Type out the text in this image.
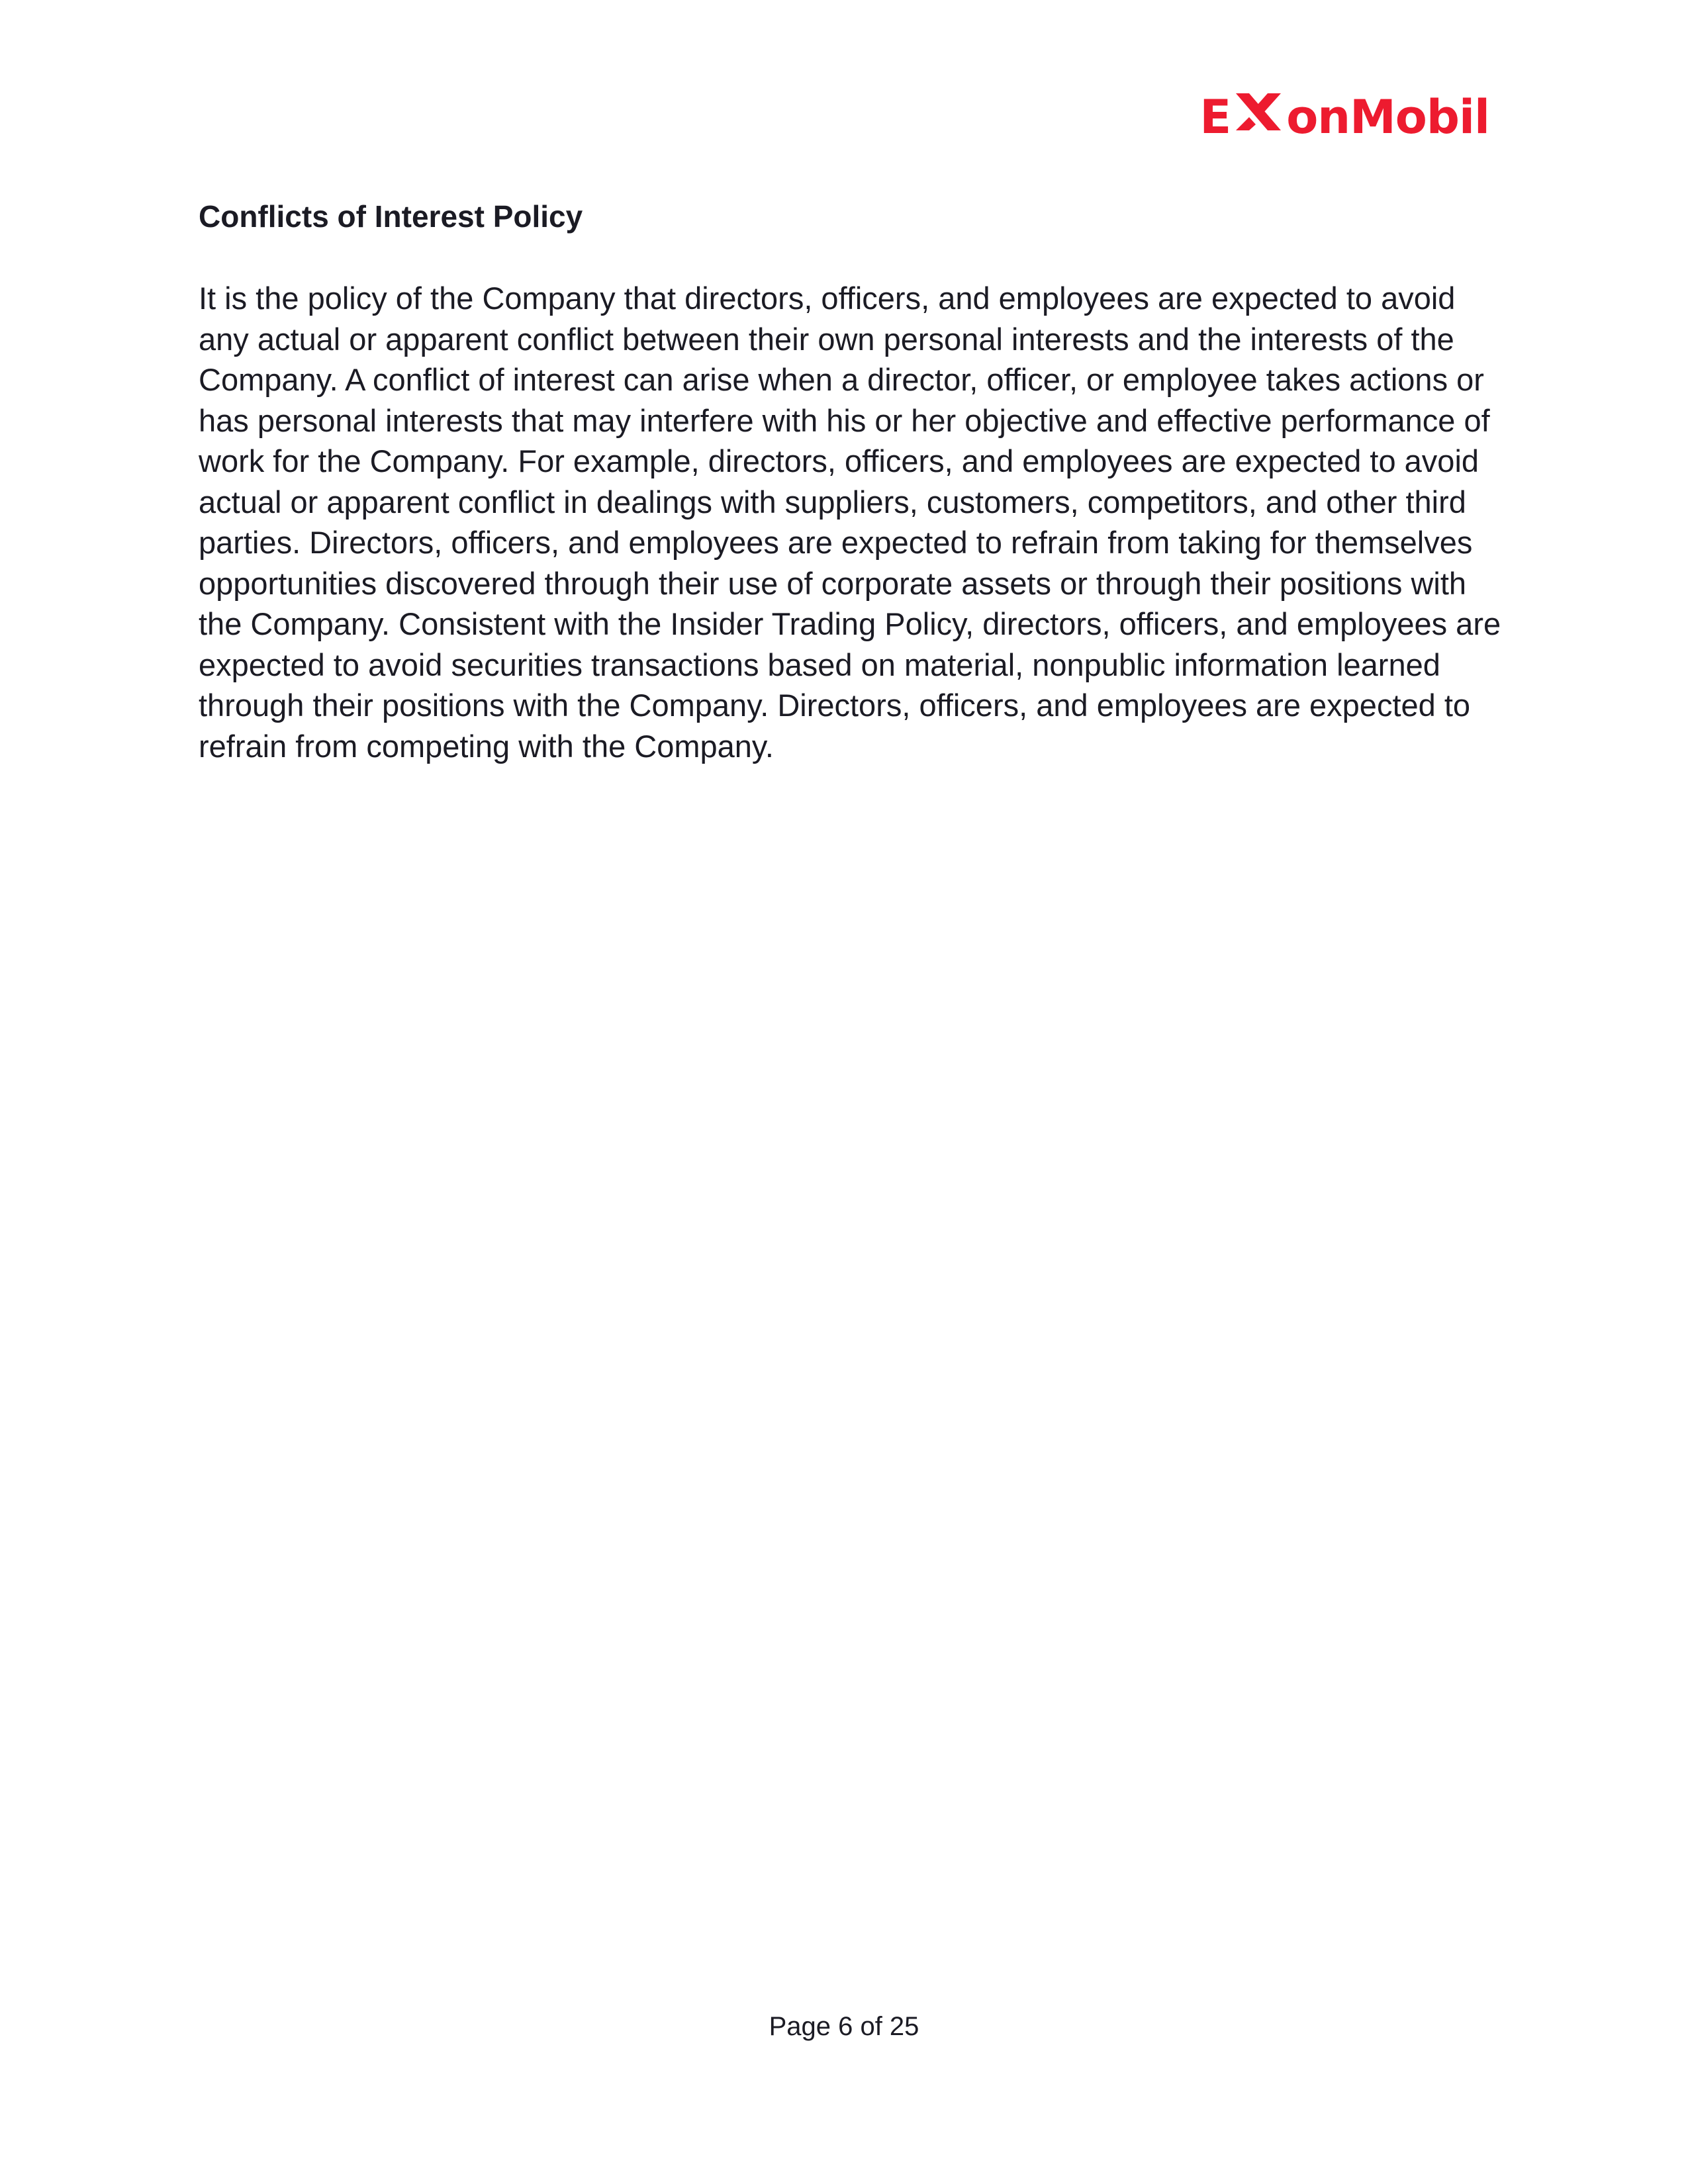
E onMobil
Conflicts of Interest Policy

It is the policy of the Company that directors, officers, and employees are expected to avoid any actual or apparent conflict between their own personal interests and the interests of the Company. A conflict of interest can arise when a director, officer, or employee takes actions or has personal interests that may interfere with his or her objective and effective performance of work for the Company. For example, directors, officers, and employees are expected to avoid actual or apparent conflict in dealings with suppliers, customers, competitors, and other third parties. Directors, officers, and employees are expected to refrain from taking for themselves opportunities discovered through their use of corporate assets or through their positions with the Company. Consistent with the Insider Trading Policy, directors, officers, and employees are expected to avoid securities transactions based on material, nonpublic information learned through their positions with the Company. Directors, officers, and employees are expected to refrain from competing with the Company.

Page 6 of 25
